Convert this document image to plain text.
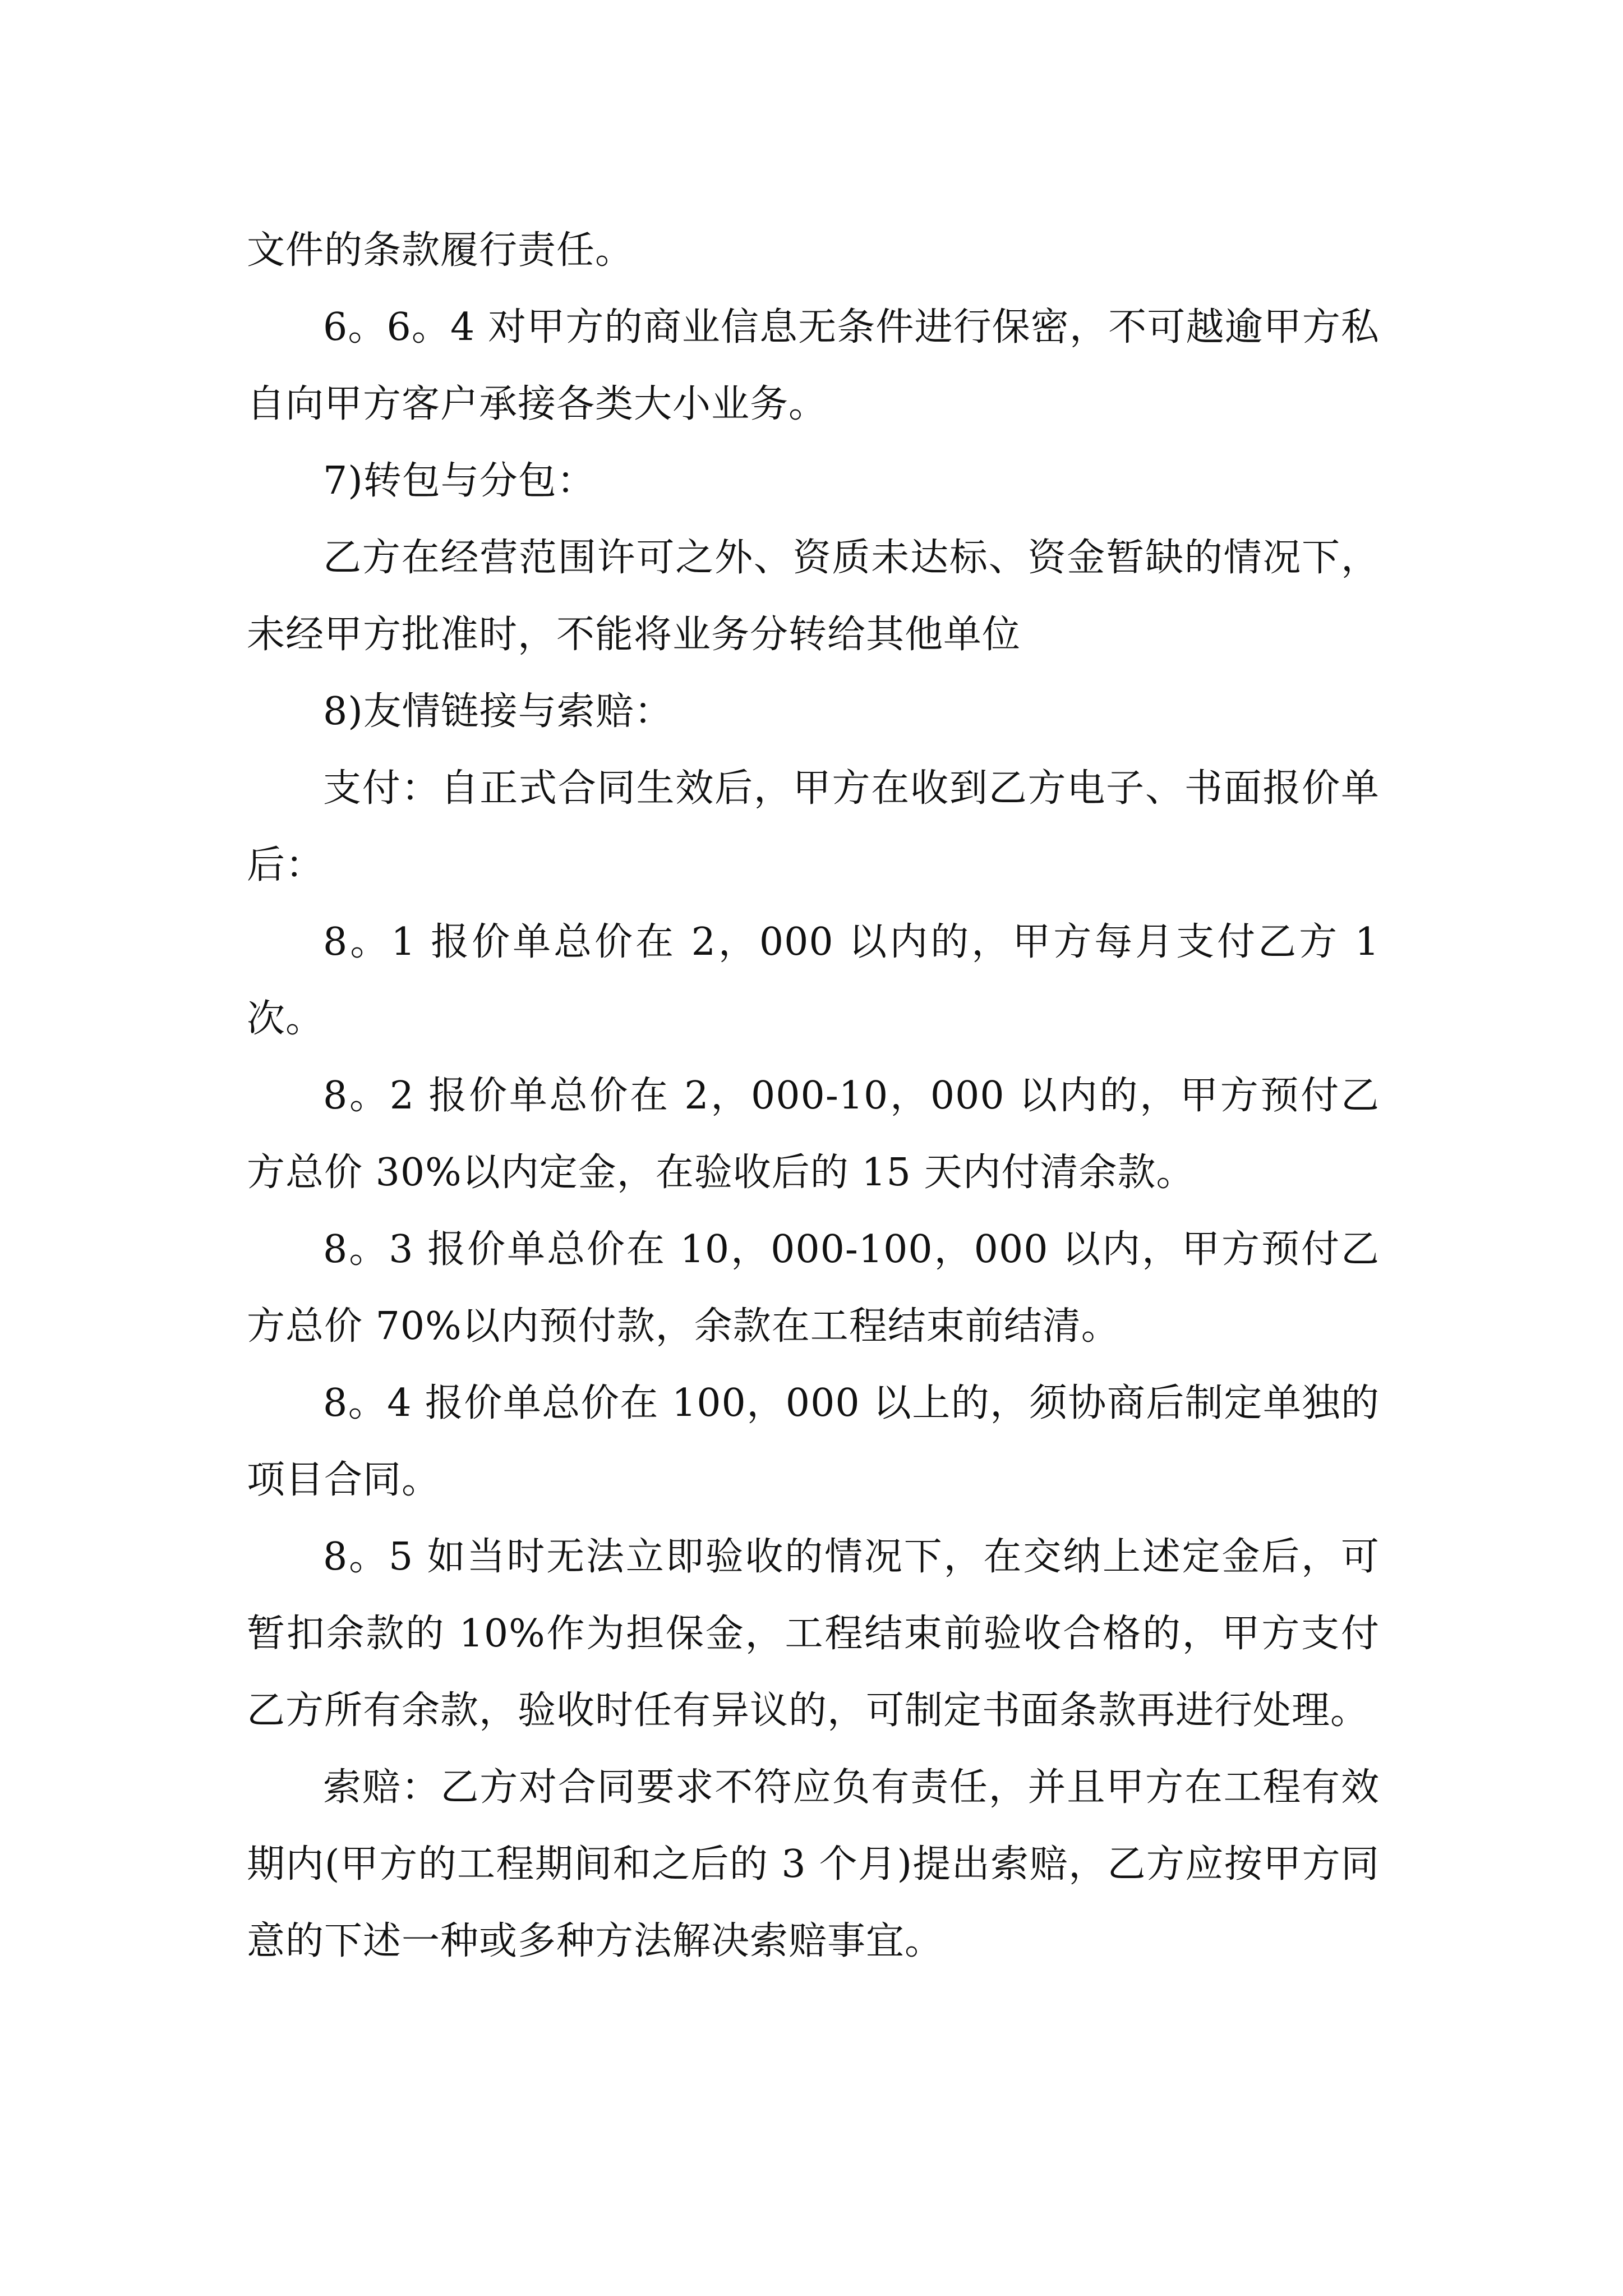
文件的条款履行责任。

6。6。4 对甲方的商业信息无条件进行保密，不可越逾甲方私自向甲方客户承接各类大小业务。

7)转包与分包：

乙方在经营范围许可之外、资质未达标、资金暂缺的情况下，未经甲方批准时，不能将业务分转给其他单位

8)友情链接与索赔：

支付：自正式合同生效后，甲方在收到乙方电子、书面报价单后：

8。1 报价单总价在 2，000 以内的，甲方每月支付乙方 1 次。

8。2 报价单总价在 2，000-10，000 以内的，甲方预付乙方总价 30%以内定金，在验收后的 15 天内付清余款。

8。3 报价单总价在 10，000-100，000 以内，甲方预付乙方总价 70%以内预付款，余款在工程结束前结清。

8。4 报价单总价在 100，000 以上的，须协商后制定单独的项目合同。

8。5 如当时无法立即验收的情况下，在交纳上述定金后，可暂扣余款的 10%作为担保金，工程结束前验收合格的，甲方支付乙方所有余款，验收时任有异议的，可制定书面条款再进行处理。

索赔：乙方对合同要求不符应负有责任，并且甲方在工程有效期内(甲方的工程期间和之后的 3 个月)提出索赔，乙方应按甲方同意的下述一种或多种方法解决索赔事宜。
